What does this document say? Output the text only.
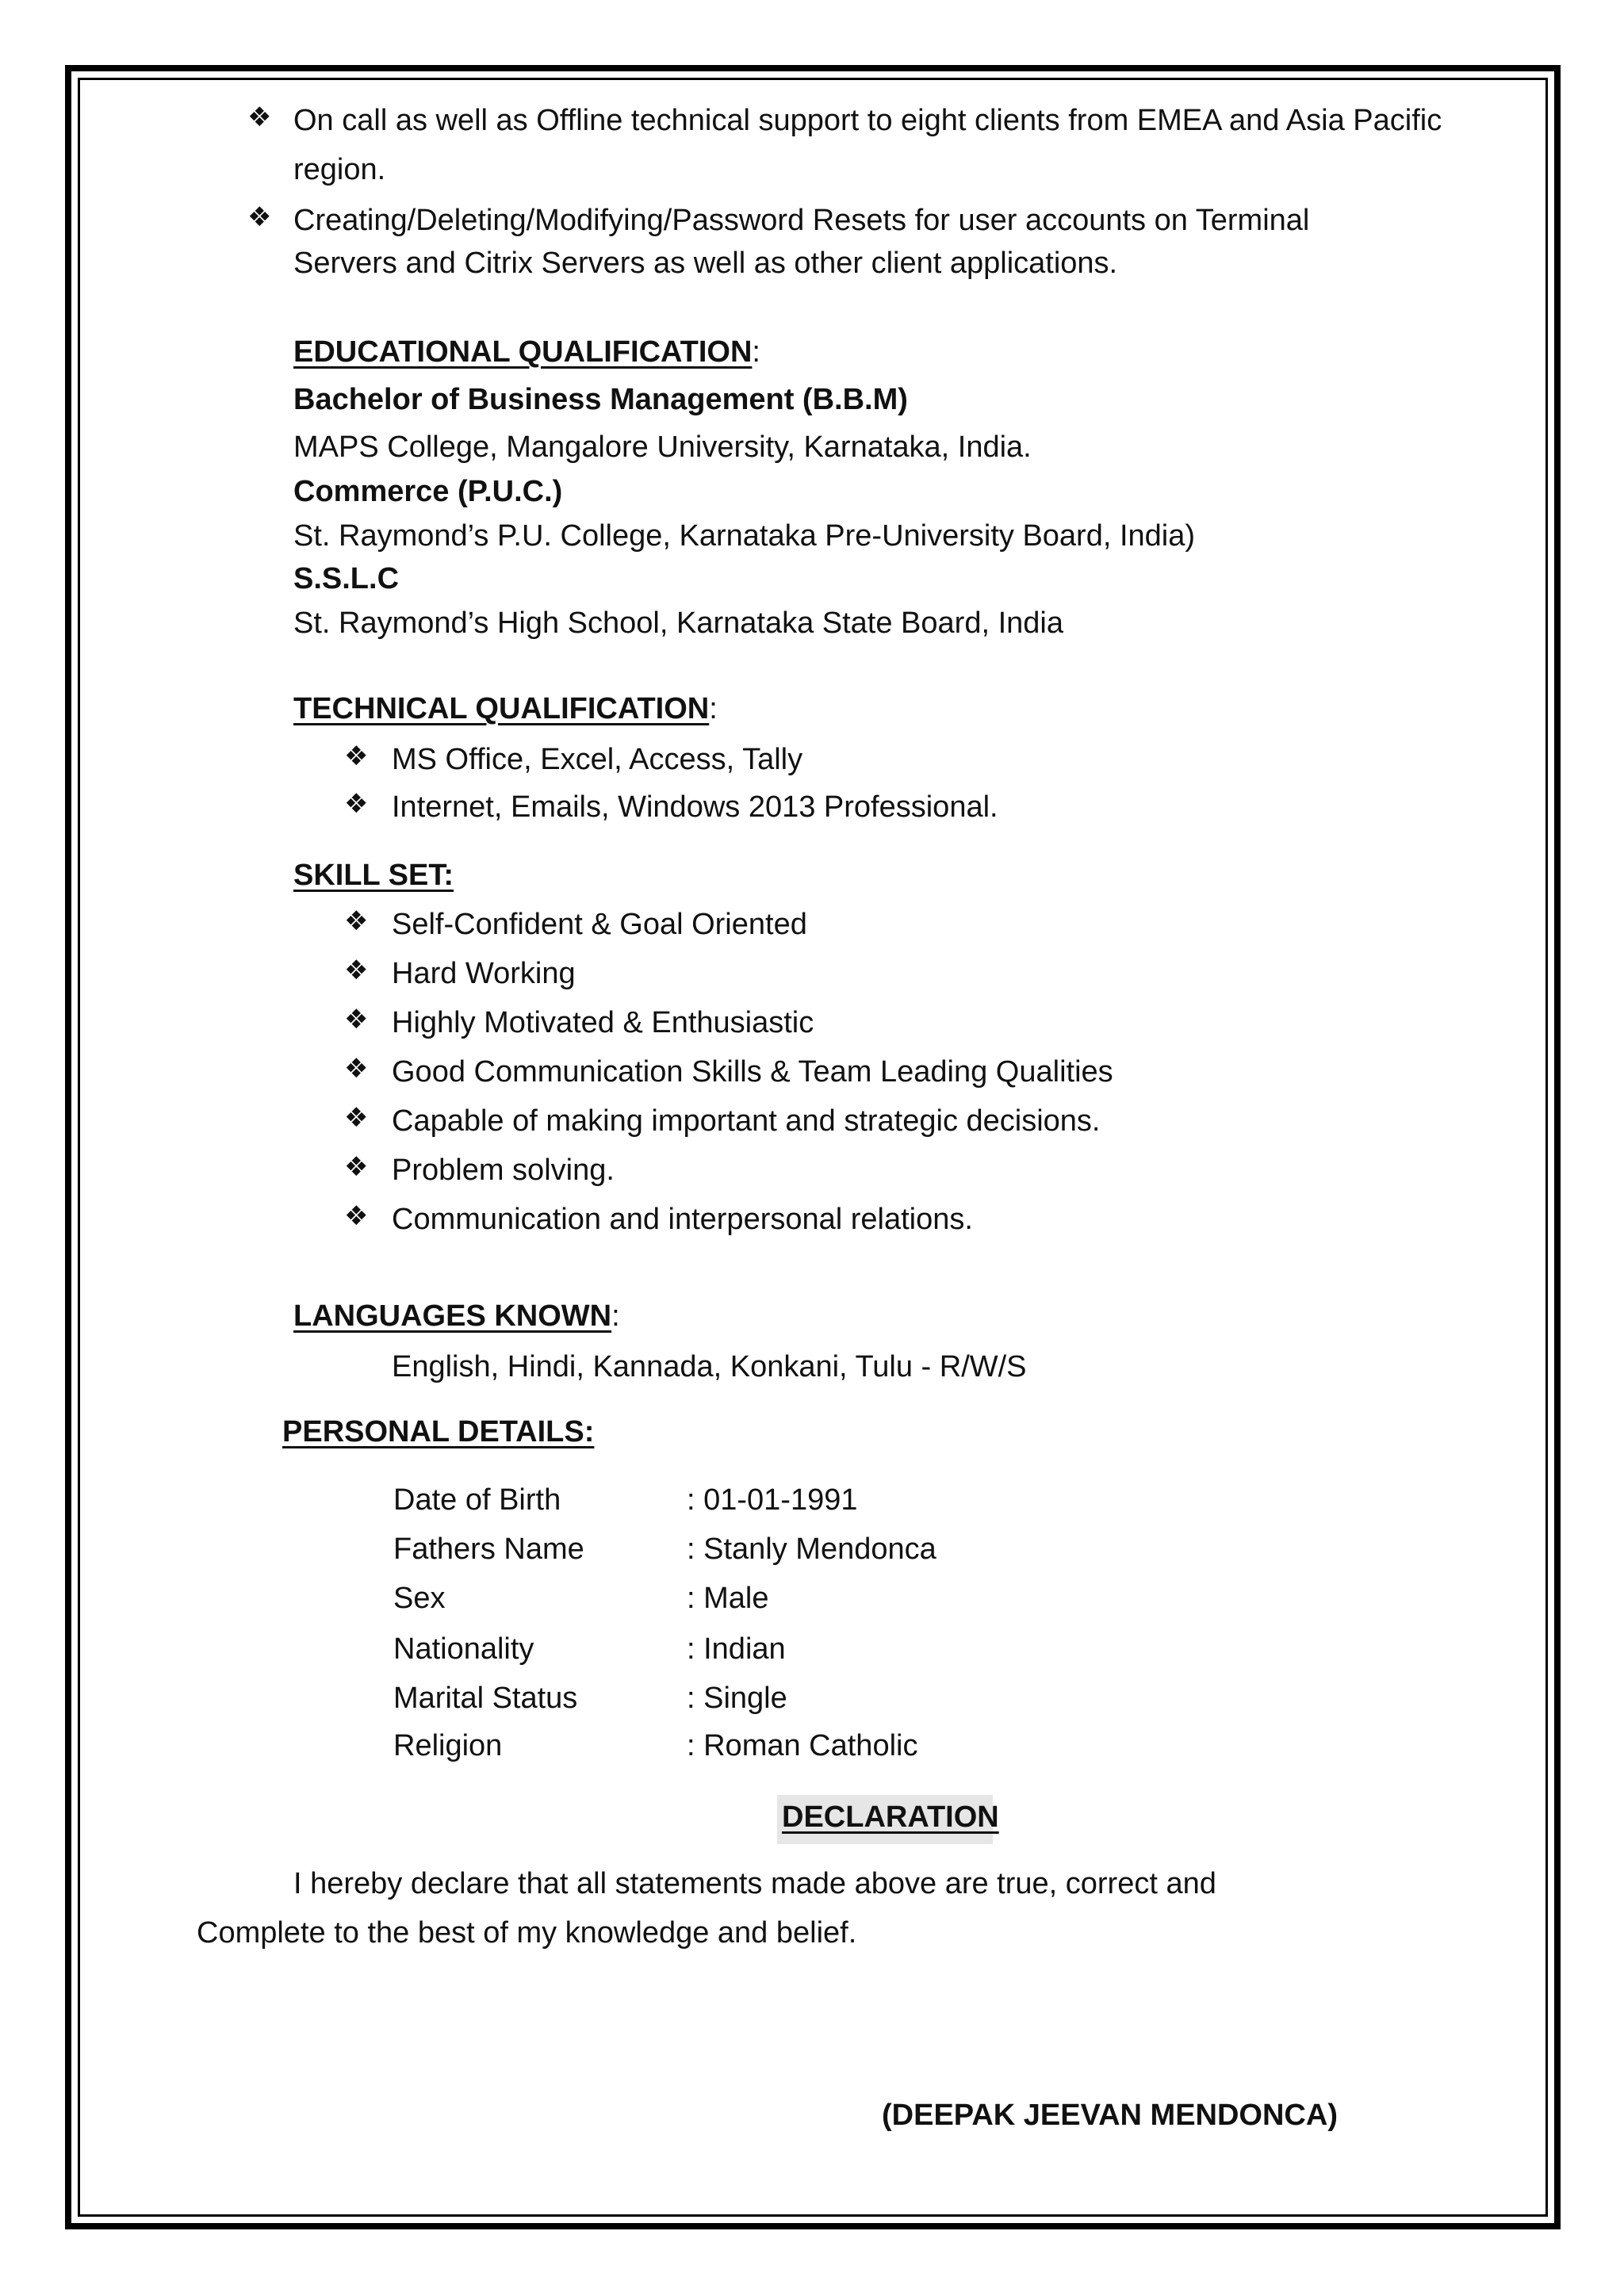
❖ On call as well as Offline technical support to eight clients from EMEA and Asia Pacific
region.
❖ Creating/Deleting/Modifying/Password Resets for user accounts on Terminal
Servers and Citrix Servers as well as other client applications.
EDUCATIONAL QUALIFICATION:
Bachelor of Business Management (B.B.M)
MAPS College, Mangalore University, Karnataka, India.
Commerce (P.U.C.)
St. Raymond’s P.U. College, Karnataka Pre-University Board, India)
S.S.L.C
St. Raymond’s High School, Karnataka State Board, India
TECHNICAL QUALIFICATION:
❖ MS Office, Excel, Access, Tally
❖ Internet, Emails, Windows 2013 Professional.
SKILL SET:
❖ Self-Confident & Goal Oriented
❖ Hard Working
❖ Highly Motivated & Enthusiastic
❖ Good Communication Skills & Team Leading Qualities
❖ Capable of making important and strategic decisions.
❖ Problem solving.
❖ Communication and interpersonal relations.
LANGUAGES KNOWN:
English, Hindi, Kannada, Konkani, Tulu - R/W/S
PERSONAL DETAILS:
Date of Birth	: 01-01-1991
Fathers Name	: Stanly Mendonca
Sex	: Male
Nationality	: Indian
Marital Status	: Single
Religion	: Roman Catholic
DECLARATION
I hereby declare that all statements made above are true, correct and
Complete to the best of my knowledge and belief.
(DEEPAK JEEVAN MENDONCA)
